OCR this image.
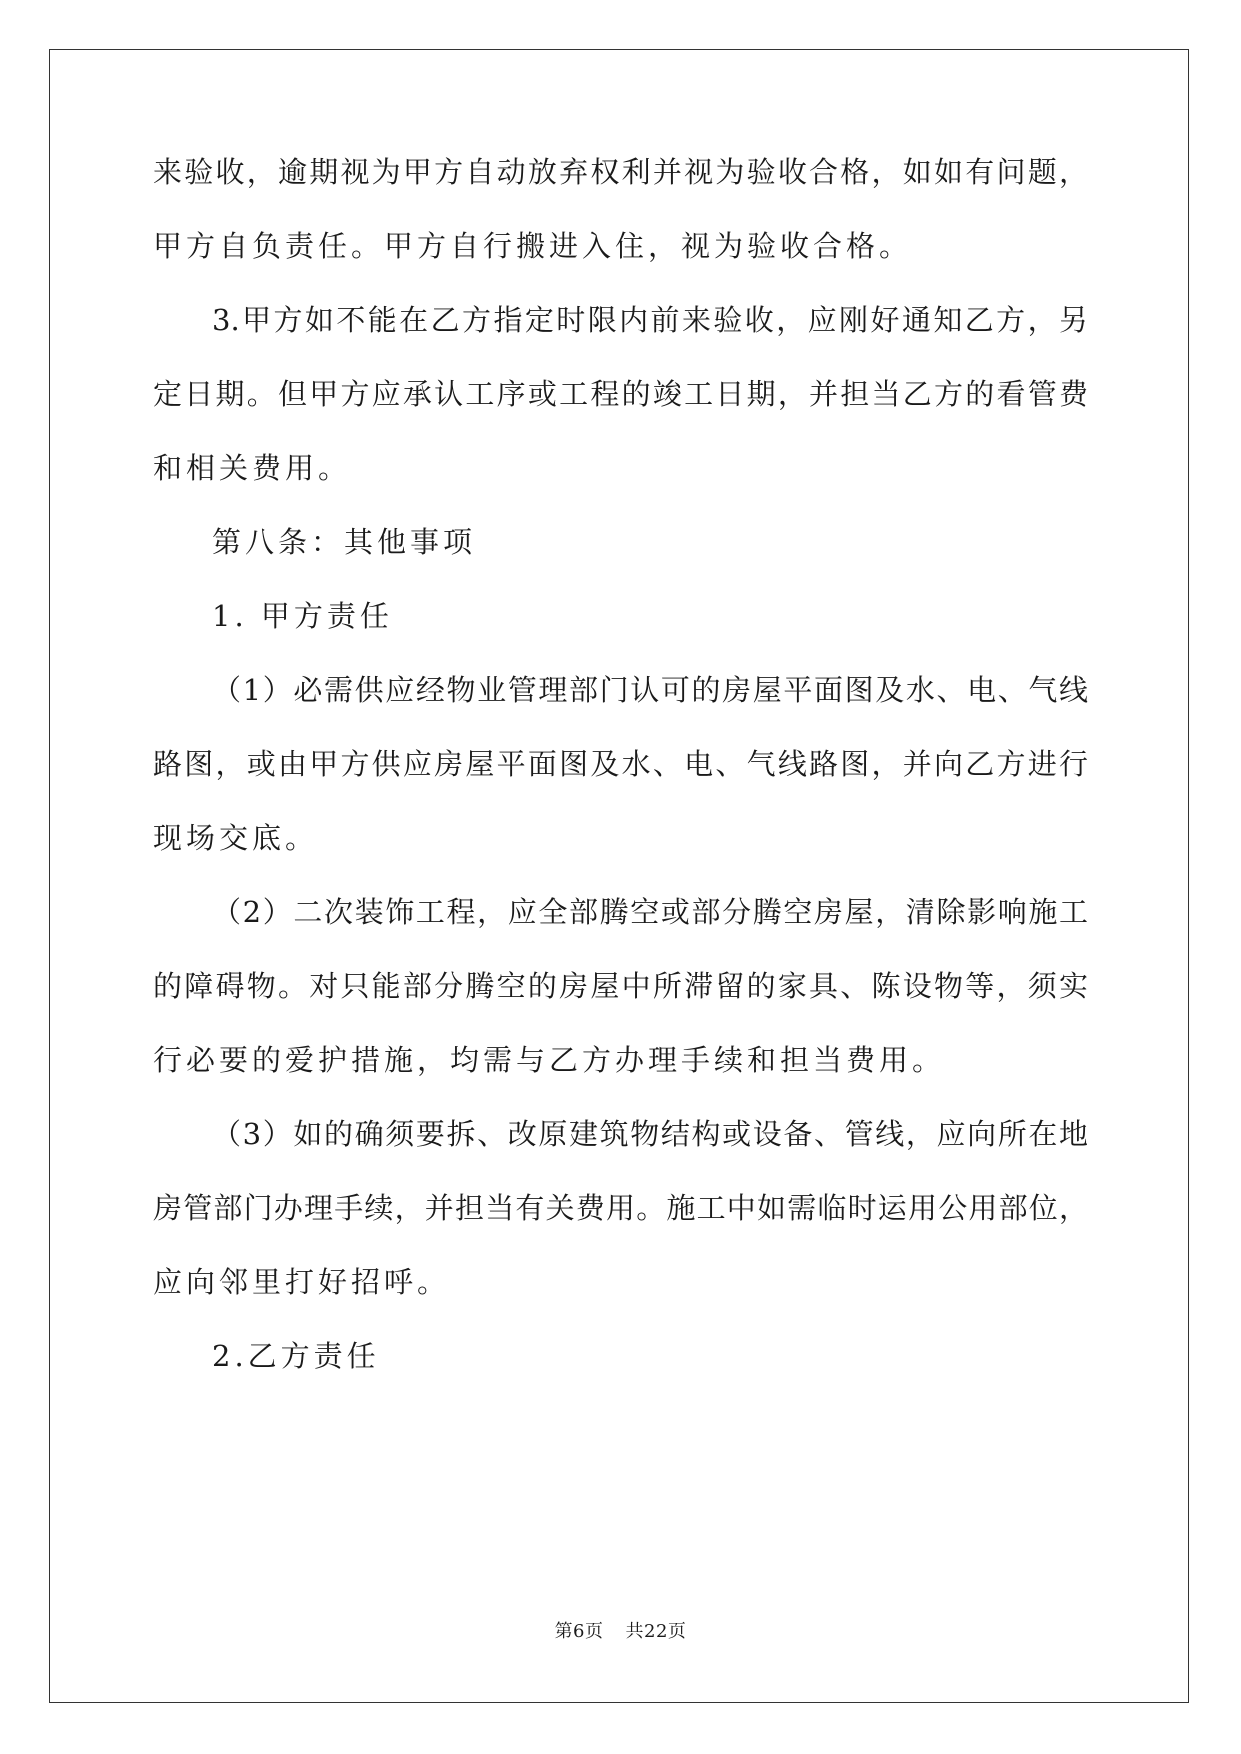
来验收，逾期视为甲方自动放弃权利并视为验收合格，如如有问题，
甲方自负责任。甲方自行搬进入住，视为验收合格。
3.甲方如不能在乙方指定时限内前来验收，应刚好通知乙方，另
定日期。但甲方应承认工序或工程的竣工日期，并担当乙方的看管费
和相关费用。
第八条：其他事项
1. 甲方责任
（1）必需供应经物业管理部门认可的房屋平面图及水、电、气线
路图，或由甲方供应房屋平面图及水、电、气线路图，并向乙方进行
现场交底。
（2）二次装饰工程，应全部腾空或部分腾空房屋，清除影响施工
的障碍物。对只能部分腾空的房屋中所滞留的家具、陈设物等，须实
行必要的爱护措施，均需与乙方办理手续和担当费用。
（3）如的确须要拆、改原建筑物结构或设备、管线，应向所在地
房管部门办理手续，并担当有关费用。施工中如需临时运用公用部位，
应向邻里打好招呼。
2.乙方责任
第6页 共22页
